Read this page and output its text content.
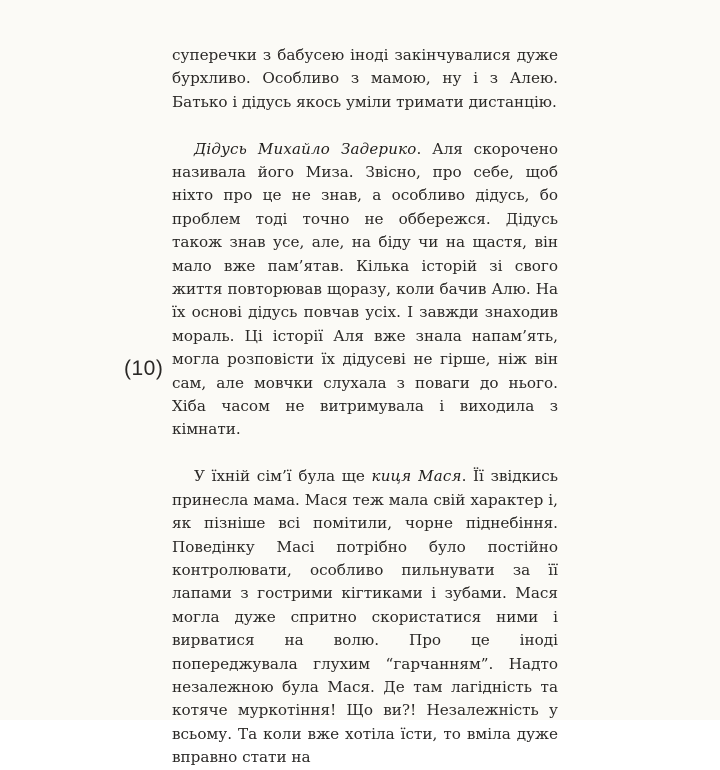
суперечки з бабусею іноді закінчувалися дуже бурхливо. Особливо з мамою, ну і з Алею. Батько і дідусь якось уміли тримати дистанцію.

Дідусь Михайло Задерико. Аля скорочено називала його Миза. Звісно, про себе, щоб ніхто про це не знав, а особливо дідусь, бо проблем тоді точно не оббережся. Дідусь також знав усе, але, на біду чи на щастя, він мало вже пам’ятав. Кілька історій зі свого життя повторював щоразу, коли бачив Алю. На їх основі дідусь повчав усіх. І завжди знаходив мораль. Ці історії Аля вже знала напам’ять, могла розповісти їх дідусеві не гірше, ніж він сам, але мовчки слухала з поваги до нього. Хіба часом не витримувала і виходила з кімнати.

У їхній сім’ї була ще киця Мася. Її звідкись принесла мама. Мася теж мала свій характер і, як пізніше всі помітили, чорне піднебіння. Поведінку Масі потрібно було постійно контролювати, особливо пильнувати за її лапами з гострими кігтиками і зубами. Мася могла дуже спритно скористатися ними і вирватися на волю. Про це іноді попереджувала глухим “гарчанням”. Надто незалежною була Мася. Де там лагідність та котяче муркотіння! Що ви?! Незалежність у всьому. Та коли вже хотіла їсти, то вміла дуже вправно стати на

(10)
